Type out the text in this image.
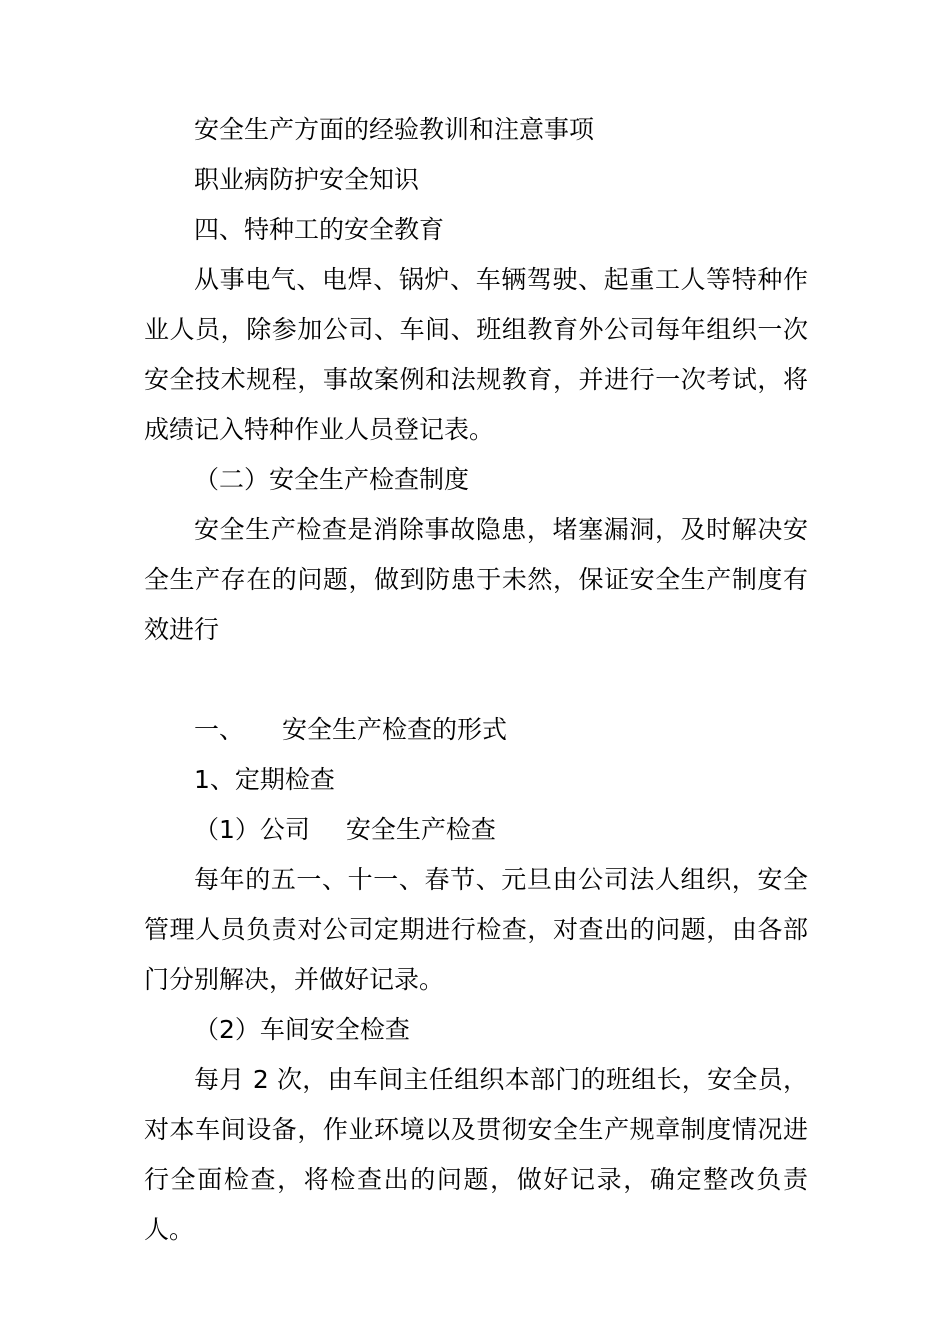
安全生产方面的经验教训和注意事项

职业病防护安全知识

四、特种工的安全教育

从事电气、电焊、锅炉、车辆驾驶、起重工人等特种作业人员，除参加公司、车间、班组教育外公司每年组织一次安全技术规程，事故案例和法规教育，并进行一次考试，将成绩记入特种作业人员登记表。

（二）安全生产检查制度

安全生产检查是消除事故隐患，堵塞漏洞，及时解决安全生产存在的问题，做到防患于未然，保证安全生产制度有效进行

一、 安全生产检查的形式

1、定期检查

（1）公司 安全生产检查

每年的五一、十一、春节、元旦由公司法人组织，安全管理人员负责对公司定期进行检查，对查出的问题，由各部门分别解决，并做好记录。

（2）车间安全检查

每月 2 次，由车间主任组织本部门的班组长，安全员，对本车间设备，作业环境以及贯彻安全生产规章制度情况进行全面检查，将检查出的问题，做好记录，确定整改负责人。
